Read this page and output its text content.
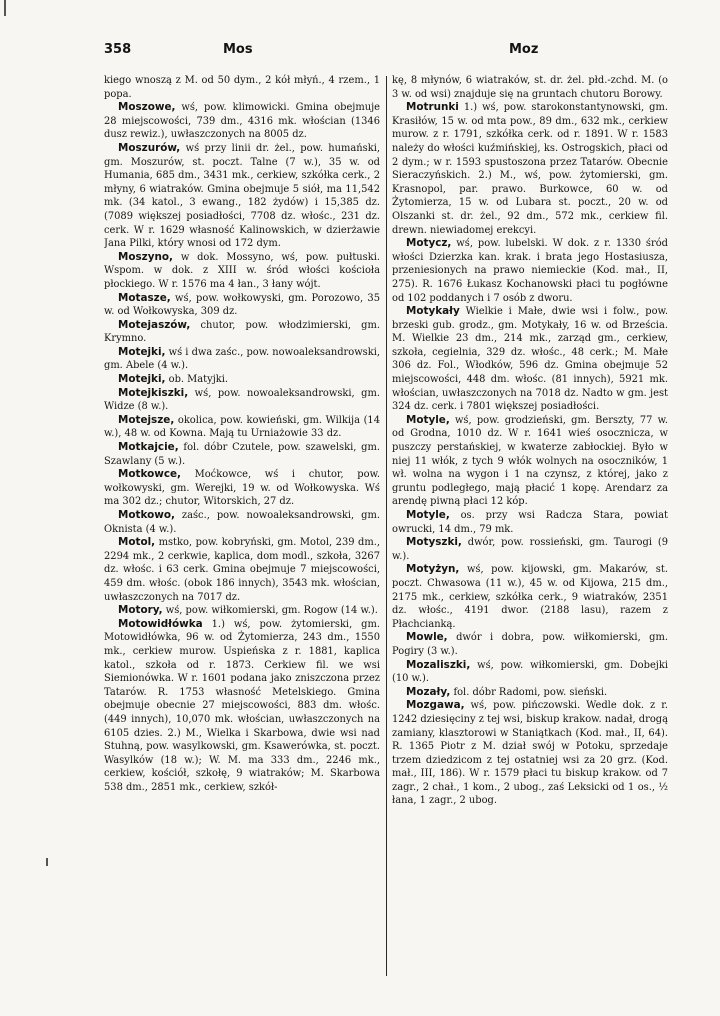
358	Mos	Moz

kiego wnoszą z M. od 50 dym., 2 kół młyń., 4 rzem., 1 popa.

Moszowe, wś, pow. klimowicki. Gmina obejmuje 28 miejscowości, 739 dm., 4316 mk. włościan (1346 dusz rewiz.), uwłaszczonych na 8005 dz.

Moszurów, wś przy linii dr. żel., pow. humański, gm. Moszurów, st. poczt. Talne (7 w.), 35 w. od Humania, 685 dm., 3431 mk., cerkiew, szkółka cerk., 2 młyny, 6 wiatraków. Gmina obejmuje 5 siół, ma 11,542 mk. (34 katol., 3 ewang., 182 żydów) i 15,385 dz. (7089 większej posiadłości, 7708 dz. włośc., 231 dz. cerk. W r. 1629 własność Kalinowskich, w dzierżawie Jana Pilki, który wnosi od 172 dym.

Moszyno, w dok. Mossyno, wś, pow. pułtuski. Wspom. w dok. z XIII w. śród włości kościoła płockiego. W r. 1576 ma 4 łan., 3 łany wójt.

Motasze, wś, pow. wołkowyski, gm. Porozowo, 35 w. od Wołkowyska, 309 dz.

Motejaszów, chutor, pow. włodzimierski, gm. Krymno.

Motejki, wś i dwa zaśc., pow. nowoaleksandrowski, gm. Abele (4 w.).

Motejki, ob. Matyjki.

Motejkiszki, wś, pow. nowoaleksandrowski, gm. Widze (8 w.).

Motejsze, okolica, pow. kowieński, gm. Wilkija (14 w.), 48 w. od Kowna. Mają tu Urniażowie 33 dz.

Motkajcie, fol. dóbr Czutele, pow. szawelski, gm. Szawlany (5 w.).

Motkowce, Moćkowce, wś i chutor, pow. wołkowyski, gm. Werejki, 19 w. od Wołkowyska. Wś ma 302 dz.; chutor, Witorskich, 27 dz.

Motkowo, zaśc., pow. nowoaleksandrowski, gm. Oknista (4 w.).

Motol, mstko, pow. kobryński, gm. Motol, 239 dm., 2294 mk., 2 cerkwie, kaplica, dom modl., szkoła, 3267 dz. włośc. i 63 cerk. Gmina obejmuje 7 miejscowości, 459 dm. włośc. (obok 186 innych), 3543 mk. włościan, uwłaszczonych na 7017 dz.

Motory, wś, pow. wiłkomierski, gm. Rogow (14 w.).

Motowidłówka 1.) wś, pow. żytomierski, gm. Motowidłówka, 96 w. od Żytomierza, 243 dm., 1550 mk., cerkiew murow. Uspieńska z r. 1881, kaplica katol., szkoła od r. 1873. Cerkiew fil. we wsi Siemionówka. W r. 1601 podana jako zniszczona przez Tatarów. R. 1753 własność Metelskiego. Gmina obejmuje obecnie 27 miejscowości, 883 dm. włośc. (449 innych), 10,070 mk. włościan, uwłaszczonych na 6105 dzies. 2.) M., Wielka i Skarbowa, dwie wsi nad Stuhną, pow. wasylkowski, gm. Ksawerówka, st. poczt. Wasylków (18 w.); W. M. ma 333 dm., 2246 mk., cerkiew, kościół, szkołę, 9 wiatraków; M. Skarbowa 538 dm., 2851 mk., cerkiew, szkół-

kę, 8 młynów, 6 wiatraków, st. dr. żel. płd.-zchd. M. (o 3 w. od wsi) znajduje się na gruntach chutoru Borowy.

Motrunki 1.) wś, pow. starokonstantynowski, gm. Krasiłów, 15 w. od mta pow., 89 dm., 632 mk., cerkiew murow. z r. 1791, szkółka cerk. od r. 1891. W r. 1583 należy do włości kuźmińskiej, ks. Ostrogskich, płaci od 2 dym.; w r. 1593 spustoszona przez Tatarów. Obecnie Sieraczyńskich. 2.) M., wś, pow. żytomierski, gm. Krasnopol, par. prawo. Burkowce, 60 w. od Żytomierza, 15 w. od Lubara st. poczt., 20 w. od Olszanki st. dr. żel., 92 dm., 572 mk., cerkiew fil. drewn. niewiadomej erekcyi.

Motycz, wś, pow. lubelski. W dok. z r. 1330 śród włości Dzierzka kan. krak. i brata jego Hostasiusza, przeniesionych na prawo niemieckie (Kod. mał., II, 275). R. 1676 Łukasz Kochanowski płaci tu pogłówne od 102 poddanych i 7 osób z dworu.

Motykały Wielkie i Małe, dwie wsi i folw., pow. brzeski gub. grodz., gm. Motykały, 16 w. od Brześcia. M. Wielkie 23 dm., 214 mk., zarząd gm., cerkiew, szkoła, cegielnia, 329 dz. włośc., 48 cerk.; M. Małe 306 dz. Fol., Włodków, 596 dz. Gmina obejmuje 52 miejscowości, 448 dm. włośc. (81 innych), 5921 mk. włościan, uwłaszczonych na 7018 dz. Nadto w gm. jest 324 dz. cerk. i 7801 większej posiadłości.

Motyle, wś, pow. grodzieński, gm. Berszty, 77 w. od Grodna, 1010 dz. W r. 1641 wieś osocznicza, w puszczy perstańskiej, w kwaterze zabłockiej. Było w niej 11 włók, z tych 9 włók wolnych na osoczników, 1 wł. wolna na wygon i 1 na czynsz, z której, jako z gruntu podległego, mają płacić 1 kopę. Arendarz za arendę piwną płaci 12 kóp.

Motyle, os. przy wsi Radcza Stara, powiat owrucki, 14 dm., 79 mk.

Motyszki, dwór, pow. rossieński, gm. Taurogi (9 w.).

Motyżyn, wś, pow. kijowski, gm. Makarów, st. poczt. Chwasowa (11 w.), 45 w. od Kijowa, 215 dm., 2175 mk., cerkiew, szkółka cerk., 9 wiatraków, 2351 dz. włośc., 4191 dwor. (2188 lasu), razem z Płachcianką.

Mowle, dwór i dobra, pow. wiłkomierski, gm. Pogiry (3 w.).

Mozaliszki, wś, pow. wiłkomierski, gm. Dobejki (10 w.).

Mozały, fol. dóbr Radomi, pow. sieński.

Mozgawa, wś, pow. pińczowski. Wedle dok. z r. 1242 dziesięciny z tej wsi, biskup krakow. nadał, drogą zamiany, klasztorowi w Staniątkach (Kod. mał., II, 64). R. 1365 Piotr z M. dział swój w Potoku, sprzedaje trzem dziedzicom z tej ostatniej wsi za 20 grz. (Kod. mał., III, 186). W r. 1579 płaci tu biskup krakow. od 7 zagr., 2 chał., 1 kom., 2 ubog., zaś Leksicki od 1 os., ½ łana, 1 zagr., 2 ubog.
